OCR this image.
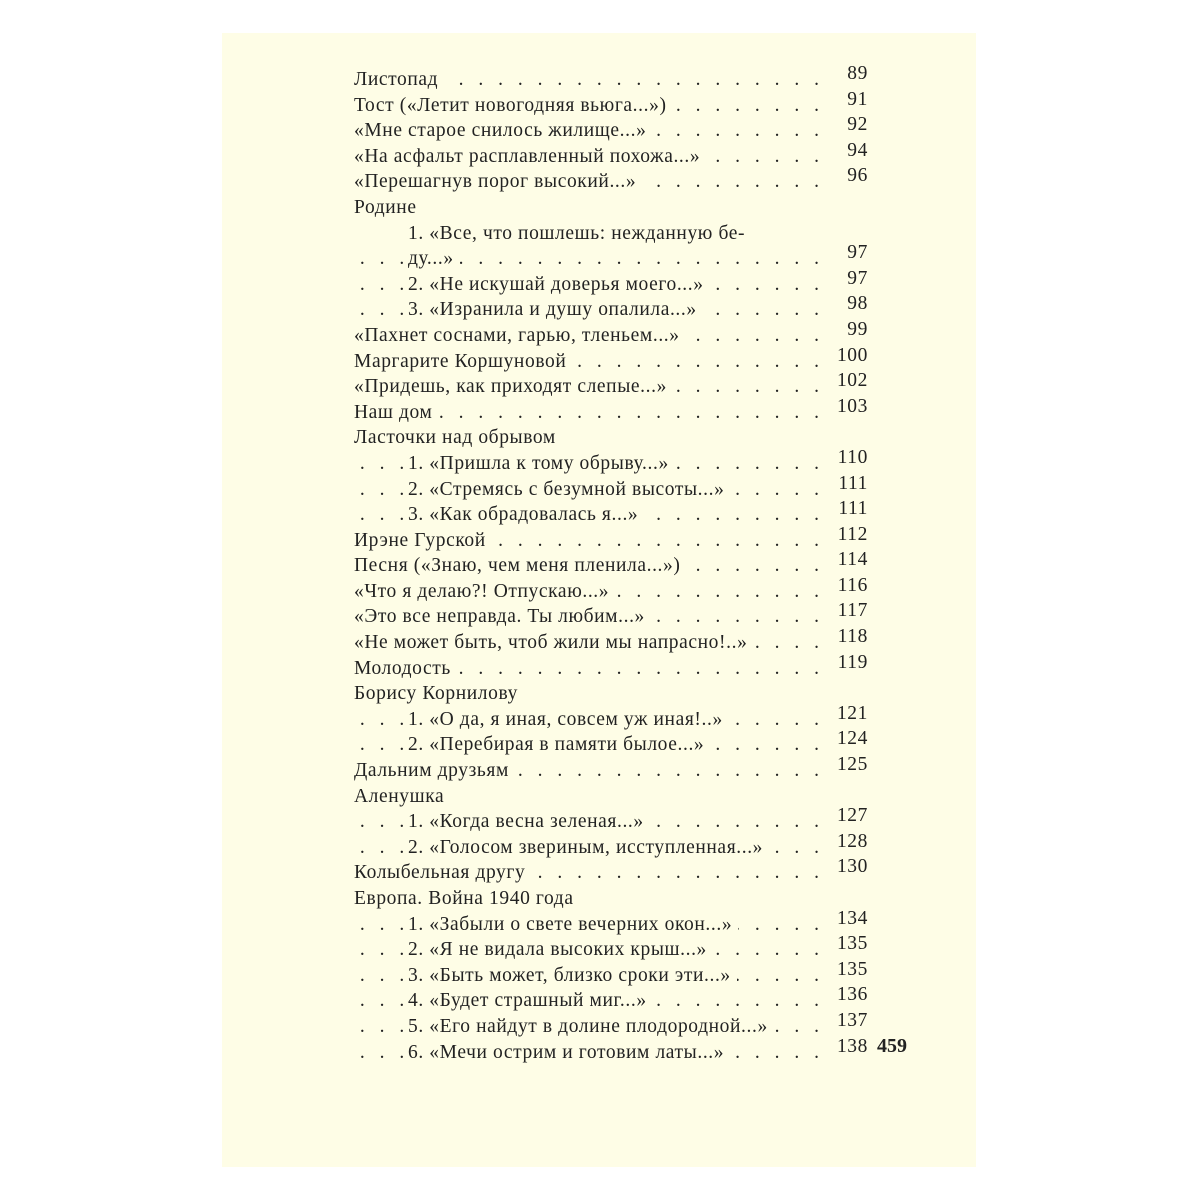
Листопад	89
. . .
Тост («Летит новогодняя вьюга...»)	91
. . .
«Мне старое снилось жилище...»	92
. . .
«На асфальт расплавленный похожа...»	94
. . .
«Перешагнув порог высокий...»	96
. . .
Родине
1. «Все, что пошлешь: нежданную бе-
ду...»	97
. . .
2. «Не искушай доверья моего...»	97
. . .
3. «Изранила и душу опалила...»	98
. . .
«Пахнет соснами, гарью, тленьем...»	99
. . .
Маргарите Коршуновой	100
. . .
«Придешь, как приходят слепые...»	102
. . .
Наш дом	103
. . .
Ласточки над обрывом
1. «Пришла к тому обрыву...»	110
. . .
2. «Стремясь с безумной высоты...»	111
. . .
3. «Как обрадовалась я...»	111
. . .
Ирэне Гурской	112
. . .
Песня («Знаю, чем меня пленила...»)	114
. . .
«Что я делаю?! Отпускаю...»	116
. . .
«Это все неправда. Ты любим...»	117
. . .
«Не может быть, чтоб жили мы напрасно!..»	118
. . .
Молодость	119
. . .
Борису Корнилову
1. «О да, я иная, совсем уж иная!..»	121
. . .
2. «Перебирая в памяти былое...»	124
. . .
Дальним друзьям	125
. . .
Аленушка
1. «Когда весна зеленая...»	127
. . .
2. «Голосом звериным, исступленная...»	128
. . .
Колыбельная другу	130
. . .
Европа. Война 1940 года
1. «Забыли о свете вечерних окон...»	134
. . .
2. «Я не видала высоких крыш...»	135
. . .
3. «Быть может, близко сроки эти...»	135
. . .
4. «Будет страшный миг...»	136
. . .
5. «Его найдут в долине плодородной...»	137
. . .
6. «Мечи острим и готовим латы...»	138
. . . 459
